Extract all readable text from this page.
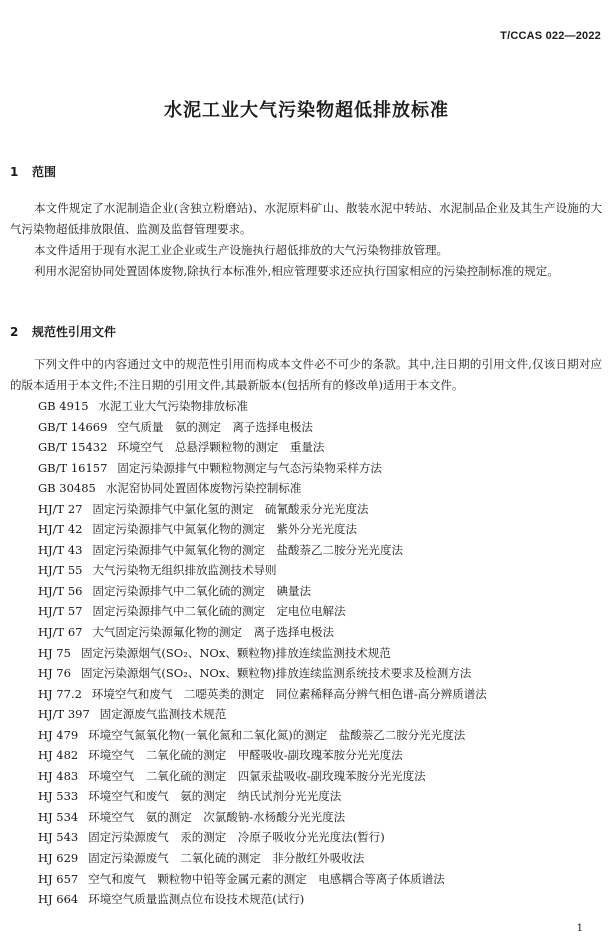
T/CCAS 022—2022
水泥工业大气污染物超低排放标准
1 范围

本文件规定了水泥制造企业(含独立粉磨站)、水泥原料矿山、散装水泥中转站、水泥制品企业及其生产设施的大气污染物超低排放限值、监测及监督管理要求。

本文件适用于现有水泥工业企业或生产设施执行超低排放的大气污染物排放管理。

利用水泥窑协同处置固体废物,除执行本标准外,相应管理要求还应执行国家相应的污染控制标准的规定。

2 规范性引用文件

下列文件中的内容通过文中的规范性引用而构成本文件必不可少的条款。其中,注日期的引用文件,仅该日期对应的版本适用于本文件;不注日期的引用文件,其最新版本(包括所有的修改单)适用于本文件。

GB 4915 水泥工业大气污染物排放标准
GB/T 14669 空气质量　氨的测定　离子选择电极法
GB/T 15432 环境空气　总悬浮颗粒物的测定　重量法
GB/T 16157 固定污染源排气中颗粒物测定与气态污染物采样方法
GB 30485 水泥窑协同处置固体废物污染控制标准
HJ/T 27 固定污染源排气中氯化氢的测定　硫氰酸汞分光光度法
HJ/T 42 固定污染源排气中氮氧化物的测定　紫外分光光度法
HJ/T 43 固定污染源排气中氮氧化物的测定　盐酸萘乙二胺分光光度法
HJ/T 55 大气污染物无组织排放监测技术导则
HJ/T 56 固定污染源排气中二氧化硫的测定　碘量法
HJ/T 57 固定污染源排气中二氧化硫的测定　定电位电解法
HJ/T 67 大气固定污染源氟化物的测定　离子选择电极法
HJ 75 固定污染源烟气(SO₂、NOx、颗粒物)排放连续监测技术规范
HJ 76 固定污染源烟气(SO₂、NOx、颗粒物)排放连续监测系统技术要求及检测方法
HJ 77.2 环境空气和废气　二噁英类的测定　同位素稀释高分辨气相色谱-高分辨质谱法
HJ/T 397 固定源废气监测技术规范
HJ 479 环境空气氮氧化物(一氧化氮和二氧化氮)的测定　盐酸萘乙二胺分光光度法
HJ 482 环境空气　二氧化硫的测定　甲醛吸收-副玫瑰苯胺分光光度法
HJ 483 环境空气　二氧化硫的测定　四氯汞盐吸收-副玫瑰苯胺分光光度法
HJ 533 环境空气和废气　氨的测定　纳氏试剂分光光度法
HJ 534 环境空气　氨的测定　次氯酸钠-水杨酸分光光度法
HJ 543 固定污染源废气　汞的测定　冷原子吸收分光光度法(暂行)
HJ 629 固定污染源废气　二氧化硫的测定　非分散红外吸收法
HJ 657 空气和废气　颗粒物中铅等金属元素的测定　电感耦合等离子体质谱法
HJ 664 环境空气质量监测点位布设技术规范(试行)
1
